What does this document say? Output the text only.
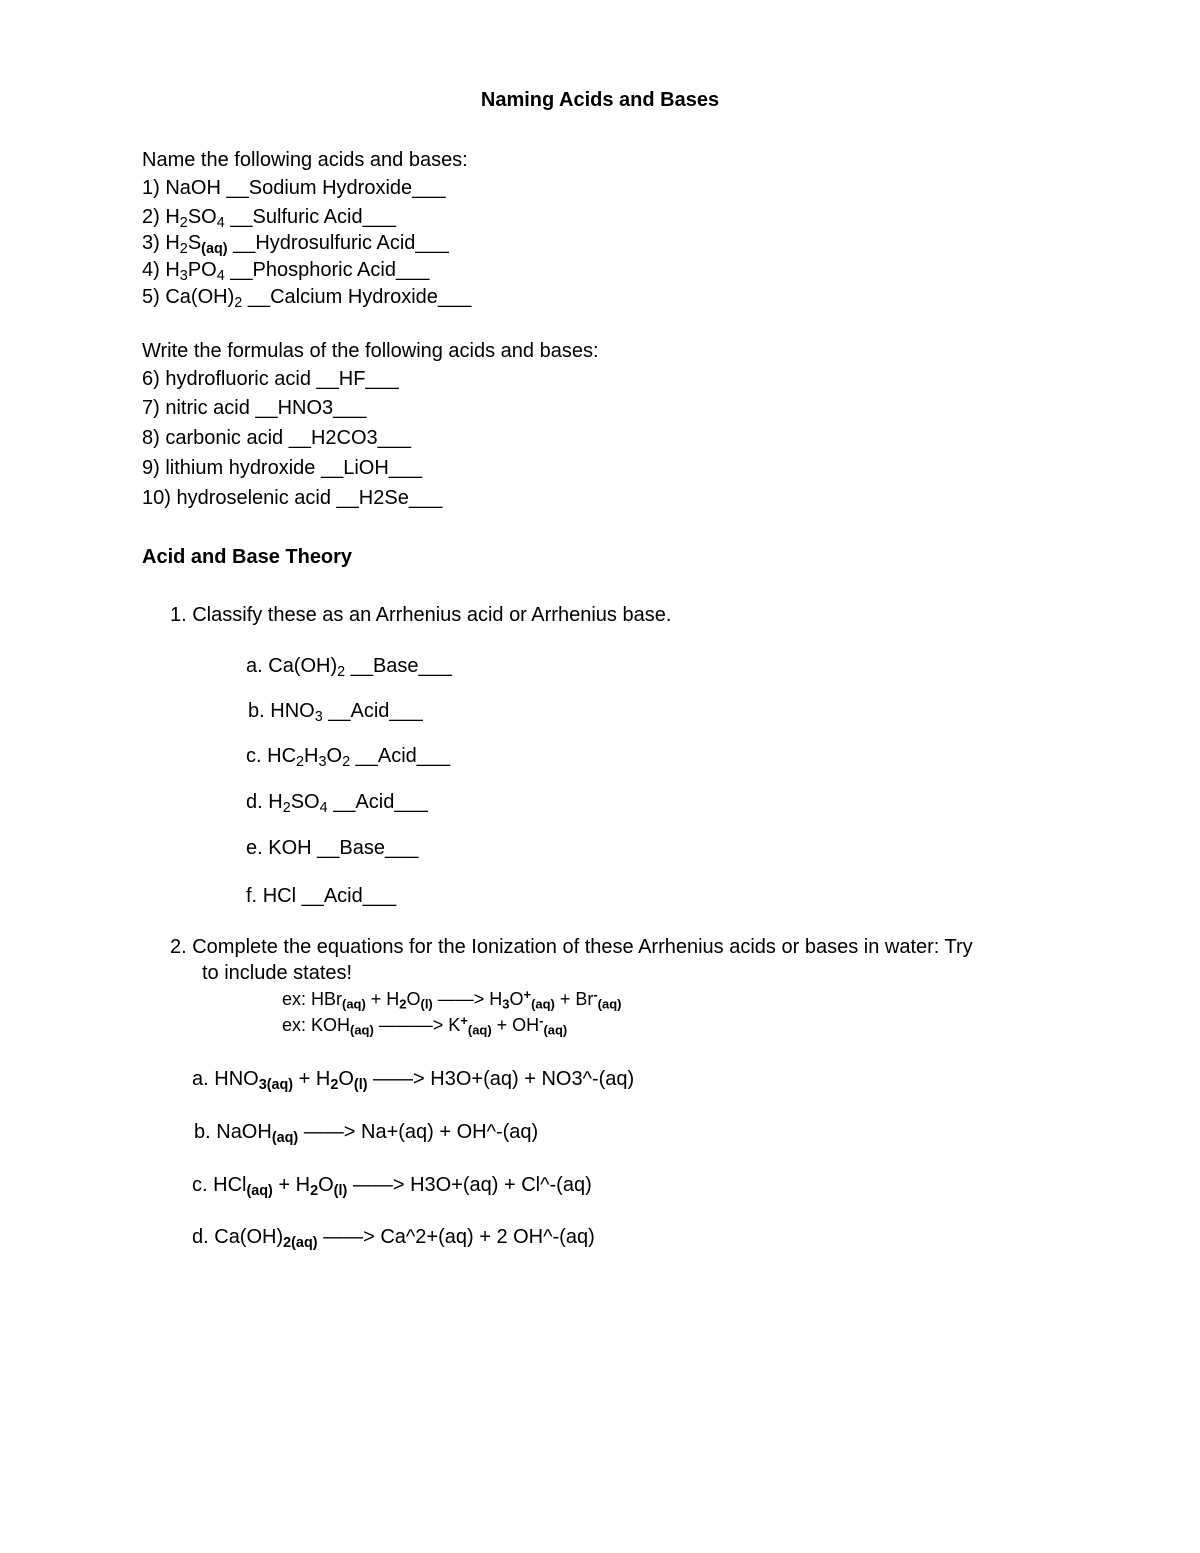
Naming Acids and Bases
Name the following acids and bases:
1) NaOH __Sodium Hydroxide___
2) $H_2SO_4$ __Sulfuric Acid___
3) $H_2S_{(aq)}$ __Hydrosulfuric Acid___
4) $H_3PO_4$ __Phosphoric Acid___
5) $Ca(OH)_2$ __Calcium Hydroxide___
Write the formulas of the following acids and bases:
6) hydrofluoric acid __HF___
7) nitric acid __HNO3___
8) carbonic acid __H2CO3___
9) lithium hydroxide __LiOH___
10) hydroselenic acid __H2Se___
Acid and Base Theory
1. Classify these as an Arrhenius acid or Arrhenius base.
a. $Ca(OH)_2$ __Base___
b. $HNO_3$ __Acid___
c. $HC_2H_3O_2$ __Acid___
d. $H_2SO_4$ __Acid___
e. KOH __Base___
f. HCl __Acid___
2. Complete the equations for the Ionization of these Arrhenius acids or bases in water: Try
to include states!
ex: $HBr_{(aq)} + H_2O_{(l)}$ ——> $H_3O^+_{(aq)} + Br^-_{(aq)}$
ex: $KOH_{(aq)}$ ———> $K^+_{(aq)} + OH^-_{(aq)}$
a. $HNO_{3(aq)} + H_2O_{(l)}$ ——> H3O+(aq) + NO3^-(aq)
b. NaOH$_{(aq)}$ ——> Na+(aq) + OH^-(aq)
c. $HCl_{(aq)} + H_2O_{(l)}$ ——> H3O+(aq) + Cl^-(aq)
d. $Ca(OH)_{2(aq)}$ ——> Ca^2+(aq) + 2 OH^-(aq)
